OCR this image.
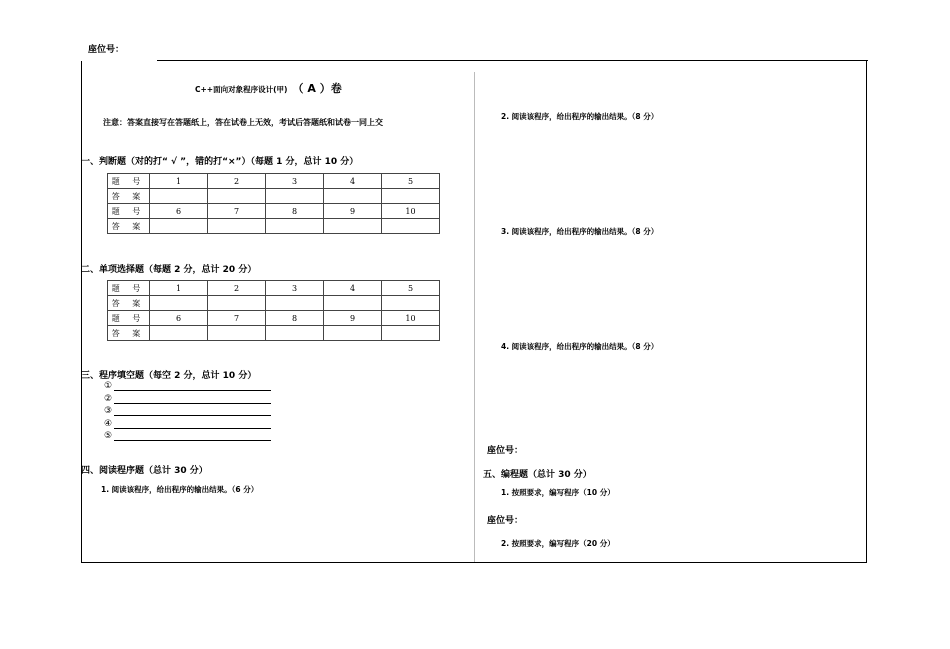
座位号：
C++面向对象程序设计(甲) （ A ）卷
注意：答案直接写在答题纸上，答在试卷上无效，考试后答题纸和试卷一同上交
一、判断题（对的打“ √ ”，错的打“×”）（每题 1 分，总计 10 分）
题 号	1	2	3	4	5
答 案					
题 号	6	7	8	9	10
答 案					
二、单项选择题（每题 2 分，总计 20 分）
题 号	1	2	3	4	5
答 案					
题 号	6	7	8	9	10
答 案					
三、程序填空题（每空 2 分，总计 10 分）
①
②
③
④
⑤
四、阅读程序题（总计 30 分）
1. 阅读该程序，给出程序的输出结果。（6 分）
2. 阅读该程序，给出程序的输出结果。（8 分）
3. 阅读该程序，给出程序的输出结果。（8 分）
4. 阅读该程序，给出程序的输出结果。（8 分）
座位号：
五、编程题（总计 30 分）
1. 按照要求，编写程序（10 分）
座位号：
2. 按照要求，编写程序（20 分）
